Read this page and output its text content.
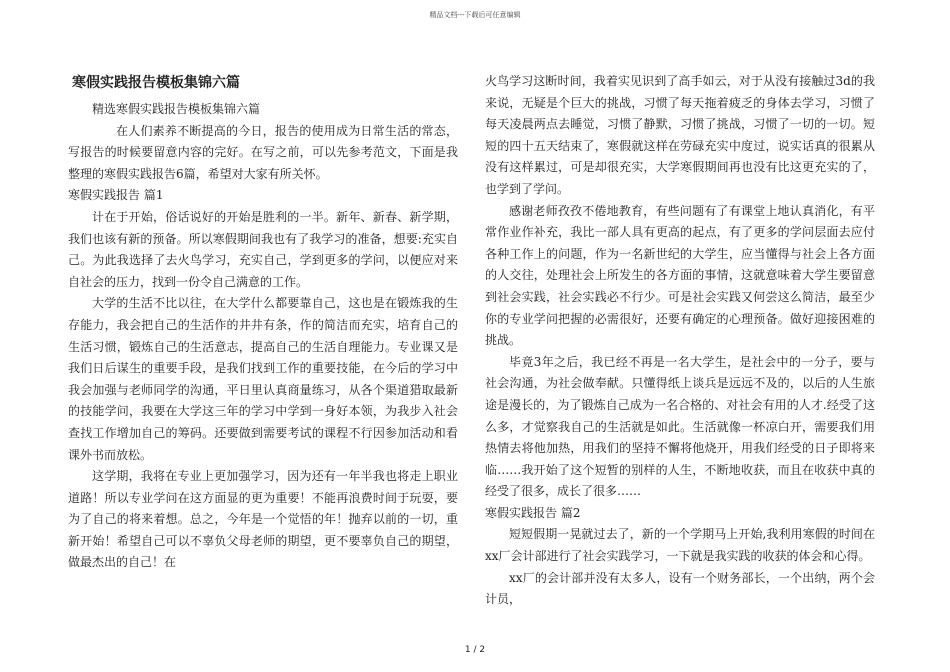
精品文档---下载后可任意编辑
寒假实践报告模板集锦六篇

精选寒假实践报告模板集锦六篇

在人们素养不断提高的今日，报告的使用成为日常生活的常态，写报告的时候要留意内容的完好。在写之前，可以先参考范文，下面是我整理的寒假实践报告6篇，希望对大家有所关怀。

寒假实践报告 篇1

计在于开始，俗话说好的开始是胜利的一半。新年、新春、新学期，我们也该有新的预备。所以寒假期间我也有了我学习的准备，想要:充实自己。为此我选择了去火鸟学习，充实自己，学到更多的学问，以便应对来自社会的压力，找到一份令自己满意的工作。

大学的生活不比以往，在大学什么都要靠自己，这也是在锻炼我的生存能力，我会把自己的生活作的井井有条，作的简洁而充实，培育自己的生活习惯，锻炼自己的生活意志，提高自己的生活自理能力。专业课又是我们日后谋生的重要手段，是我们找到工作的重要技能，在今后的学习中我会加强与老师同学的沟通，平日里认真商量练习，从各个渠道猎取最新的技能学问，我要在大学这三年的学习中学到一身好本领，为我步入社会查找工作增加自己的筹码。还要做到需要考试的课程不行因参加活动和看课外书而放松。

这学期，我将在专业上更加强学习，因为还有一年半我也将走上职业道路！所以专业学问在这方面显的更为重要！不能再浪费时间于玩耍，要为了自己的将来着想。总之，今年是一个觉悟的年！抛弃以前的一切，重新开始！希望自己可以不辜负父母老师的期望，更不要辜负自己的期望，做最杰出的自己！在

火鸟学习这断时间，我着实见识到了高手如云，对于从没有接触过3d的我来说，无疑是个巨大的挑战，习惯了每天拖着疲乏的身体去学习，习惯了每天凌晨两点去睡觉，习惯了静默，习惯了挑战，习惯了一切的一切。短短的四十五天结束了，寒假就这样在劳碌充实中度过，说实话真的很累从没有这样累过，可是却很充实，大学寒假期间再也没有比这更充实的了，也学到了学问。

感谢老师孜孜不倦地教育，有些问题有了有课堂上地认真消化，有平常作业作补充，我比一部人具有更高的起点，有了更多的学问层面去应付各种工作上的问题，作为一名新世纪的大学生，应当懂得与社会上各方面的人交往，处理社会上所发生的各方面的事情，这就意味着大学生要留意到社会实践，社会实践必不行少。可是社会实践又何尝这么简洁，最至少你的专业学问把握的必需很好，还要有确定的心理预备。做好迎接困难的挑战。

毕竟3年之后，我已经不再是一名大学生，是社会中的一分子，要与社会沟通，为社会做奉献。只懂得纸上谈兵是远远不及的，以后的人生旅途是漫长的，为了锻炼自己成为一名合格的、对社会有用的人才.经受了这么多，才觉察我自己的生活就是如此。生活就像一杯凉白开，需要我们用热情去将他加热，用我们的坚持不懈将他烧开，用我们经受的日子即将来临……我开始了这个短暂的别样的人生，不断地收获，而且在收获中真的经受了很多，成长了很多……

寒假实践报告 篇2

短短假期一晃就过去了，新的一个学期马上开始,我利用寒假的时间在xx厂会计部进行了社会实践学习，一下就是我实践的收获的体会和心得。

xx厂的会计部并没有太多人，设有一个财务部长，一个出纳，两个会计员，

1 / 2
